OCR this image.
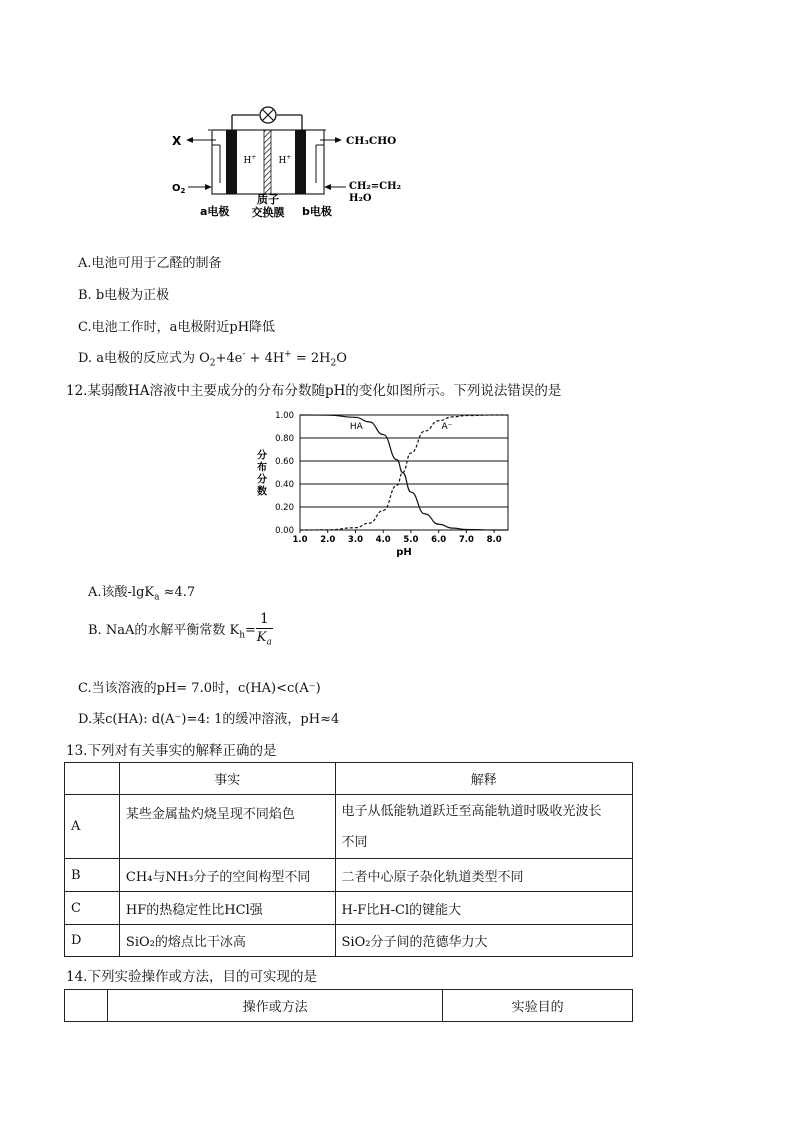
H+ H+
X
$O_2$
CH₃CHO
CH₂=CH₂
H₂O
a电极
质子
交换膜 b电极
A.电池可用于乙醛的制备
B. b电极为正极
C.电池工作时，a电极附近pH降低
D. a电极的反应式为 $O_2+4e^- + 4H^+ = 2H_2O$
12.某弱酸HA溶液中主要成分的分布分数随pH的变化如图所示。下列说法错误的是
0.00
0.20
0.40
0.60
0.80
1.00
1.0 2.0 3.0 4.0 5.0 6.0 7.0 8.0
HA	A⁻
pH
分
布
分
数
A.该酸-lgK$_a$ ≈4.7
B. NaA的水解平衡常数 $K_h= \frac{1}{K_a}$
C.当该溶液的pH= 7.0时，c(HA)<c(A⁻)
D.某c(HA): d(A⁻)=4: 1的缓冲溶液，pH≈4
13.下列对有关事实的解释正确的是
	事实	解释
A	某些金属盐灼烧呈现不同焰色	电子从低能轨道跃迁至高能轨道时吸收光波长
不同

B	CH₄与NH₃分子的空间构型不同	二者中心原子杂化轨道类型不同
C	HF的热稳定性比HCl强	H-F比H-Cl的键能大
D	SiO₂的熔点比干冰高	SiO₂分子间的范德华力大
14.下列实验操作或方法，目的可实现的是
	操作或方法	实验目的
